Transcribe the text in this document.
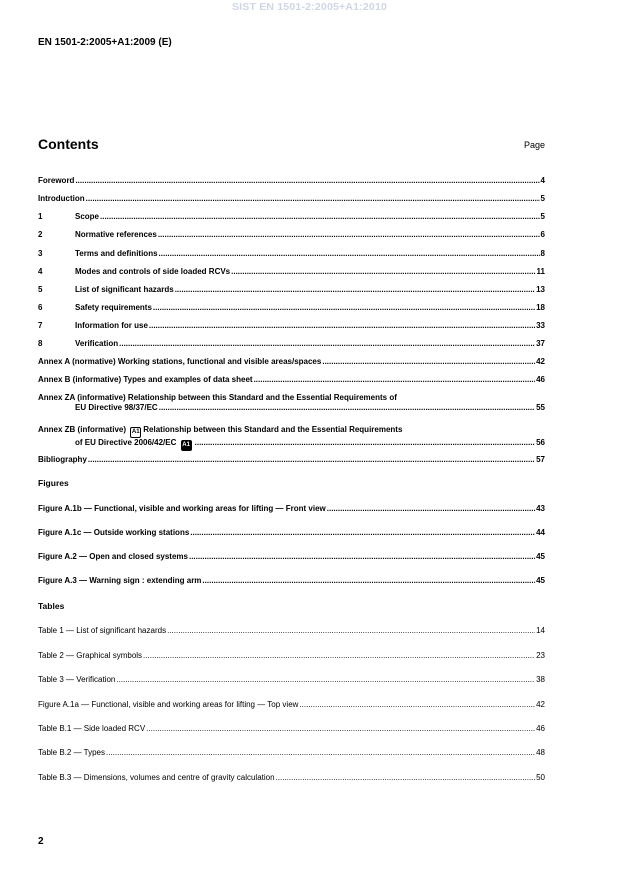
SIST EN 1501-2:2005+A1:2010
EN 1501-2:2005+A1:2009 (E)
Contents	Page
Foreword .....	4
Introduction .....	5
1	Scope .....	5
2	Normative references .....	6
3	Terms and definitions .....	8
4	Modes and controls of side loaded RCVs .....	11
5	List of significant hazards .....	13
6	Safety requirements .....	18
7	Information for use .....	33
8	Verification .....	37
Annex A (normative) Working stations, functional and visible areas/spaces .....	42
Annex B (informative) Types and examples of data sheet .....	46
Annex ZA (informative) Relationship between this Standard and the Essential Requirements of
EU Directive 98/37/EC .....	55
Annex ZB (informative) A1 Relationship between this Standard and the Essential Requirements
of EU Directive 2006/42/EC A1 .....	56
Bibliography .....	57
Figures
Figure A.1b — Functional, visible and working areas for lifting — Front view .....	43
Figure A.1c — Outside working stations .....	44
Figure A.2 — Open and closed systems .....	45
Figure A.3 — Warning sign : extending arm .....	45
Tables
Table 1 — List of significant hazards .....	14
Table 2 — Graphical symbols .....	23
Table 3 — Verification .....	38
Figure A.1a — Functional, visible and working areas for lifting — Top view .....	42
Table B.1 — Side loaded RCV .....	46
Table B.2 — Types .....	48
Table B.3 — Dimensions, volumes and centre of gravity calculation .....	50
2
